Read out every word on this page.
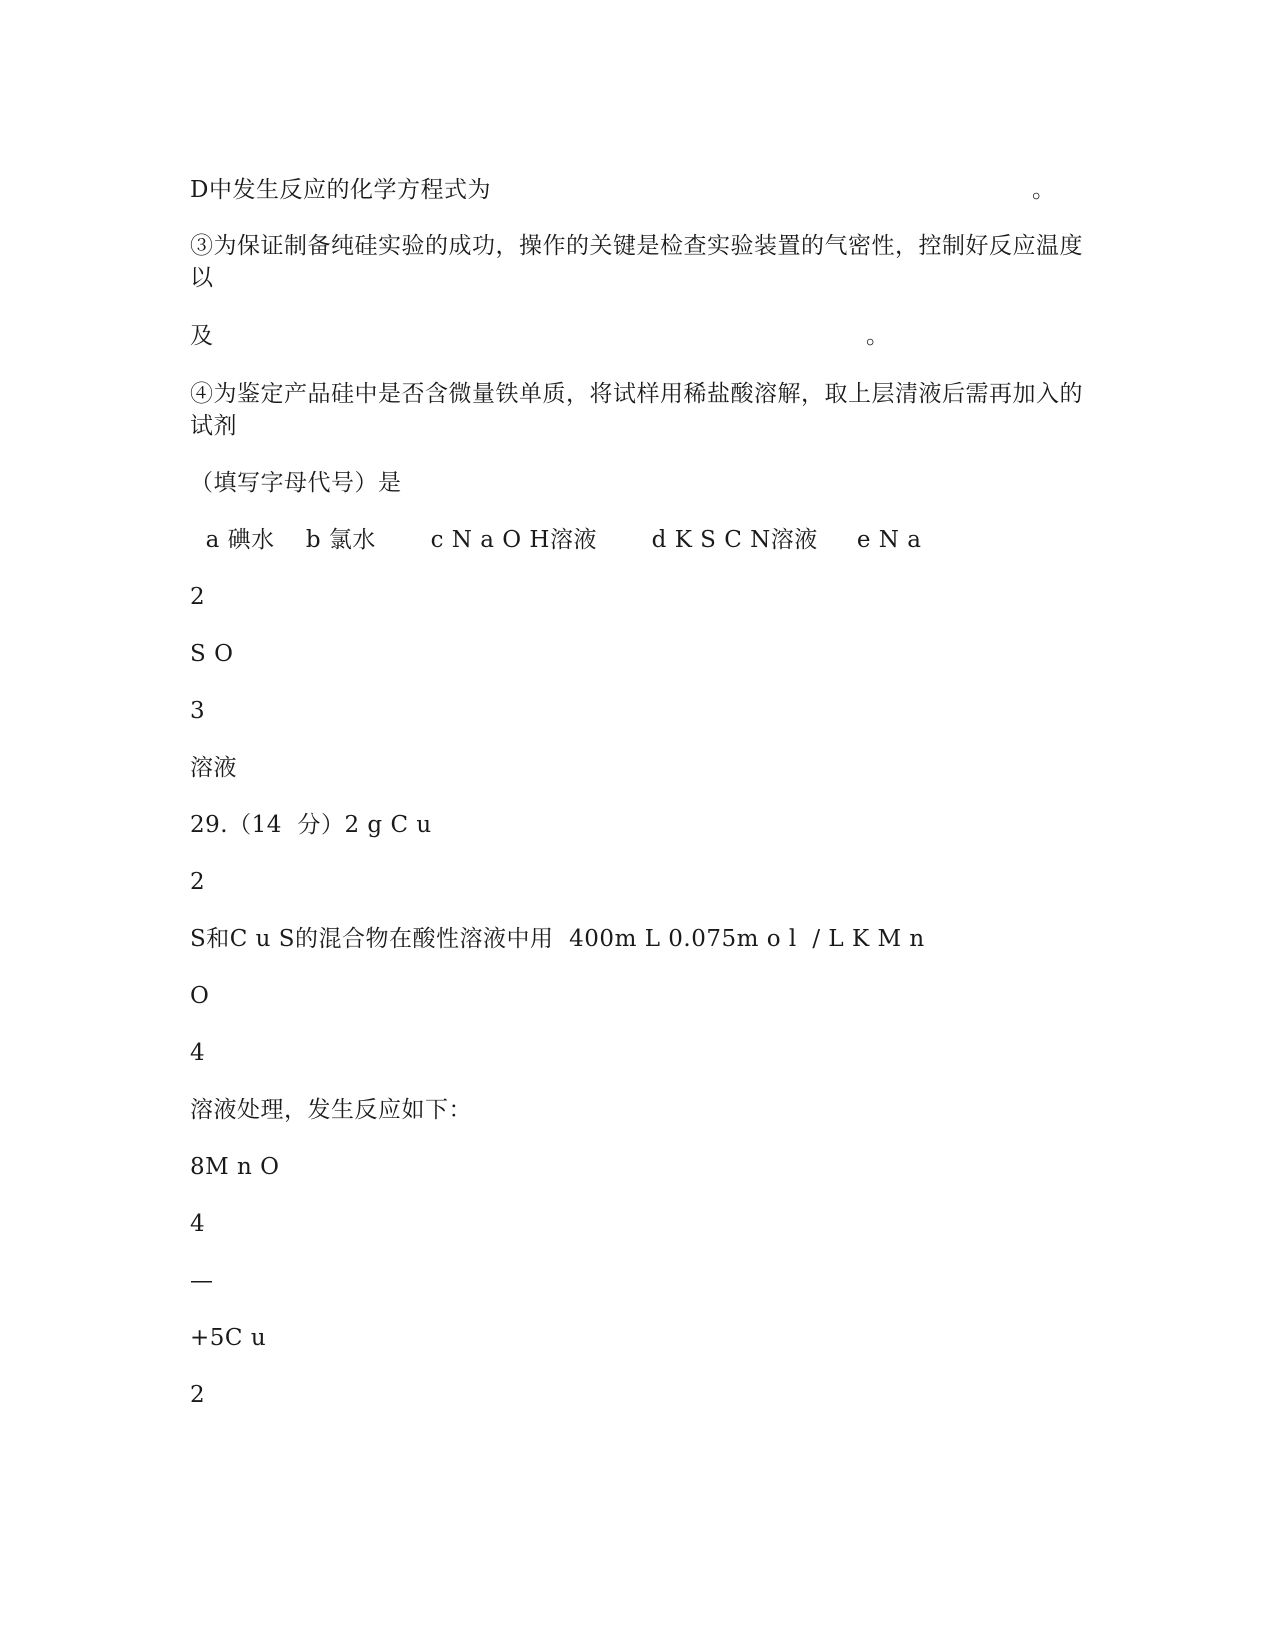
D中发生反应的化学方程式为	。
③为保证制备纯硅实验的成功，操作的关键是检查实验装置的气密性，控制好反应温度以
及	。
④为鉴定产品硅中是否含微量铁单质，将试样用稀盐酸溶解，取上层清液后需再加入的试剂
（填写字母代号）是
a 碘水    b 氯水       c N a O H溶液       d K S C N溶液     e N a
2
S O
3
溶液
29.（14  分）2 g C u
2
S和C u S的混合物在酸性溶液中用  400m L 0.075m o l  / L K M n
O
4
溶液处理，发生反应如下：
8M n O
4
—
+5C u
2
